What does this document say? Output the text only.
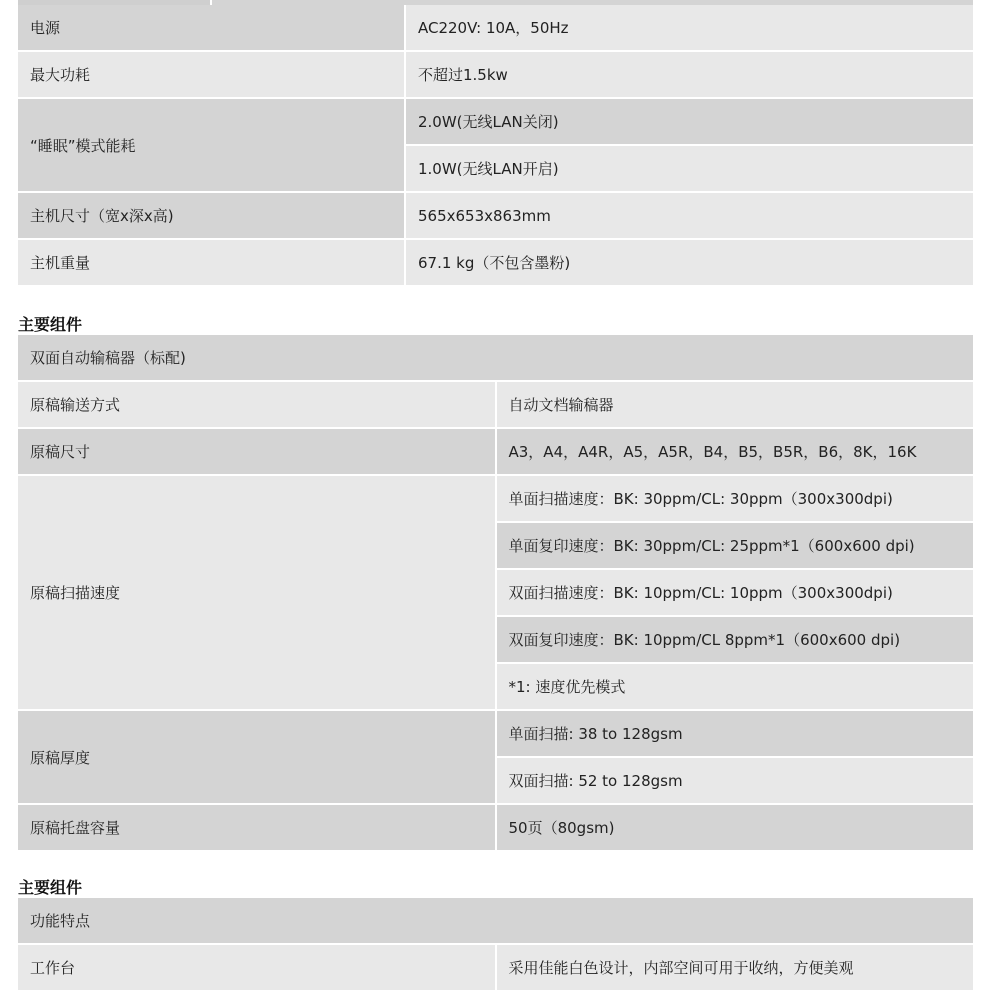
电源	AC220V: 10A，50Hz
最大功耗	不超过1.5kw
“睡眠”模式能耗	2.0W(无线LAN关闭)
	1.0W(无线LAN开启)
主机尺寸（宽x深x高)	565x653x863mm
主机重量	67.1 kg（不包含墨粉)
主要组件
双面自动输稿器（标配)	
原稿输送方式	自动文档输稿器
原稿尺寸	A3，A4，A4R，A5，A5R，B4，B5，B5R，B6，8K，16K
原稿扫描速度	单面扫描速度：BK: 30ppm/CL: 30ppm（300x300dpi)
	单面复印速度：BK: 30ppm/CL: 25ppm*1（600x600 dpi)
	双面扫描速度：BK: 10ppm/CL: 10ppm（300x300dpi)
	双面复印速度：BK: 10ppm/CL 8ppm*1（600x600 dpi)
	*1: 速度优先模式
原稿厚度	单面扫描: 38 to 128gsm
	双面扫描: 52 to 128gsm
原稿托盘容量	50页（80gsm)
主要组件
功能特点
工作台	采用佳能白色设计，内部空间可用于收纳，方便美观
